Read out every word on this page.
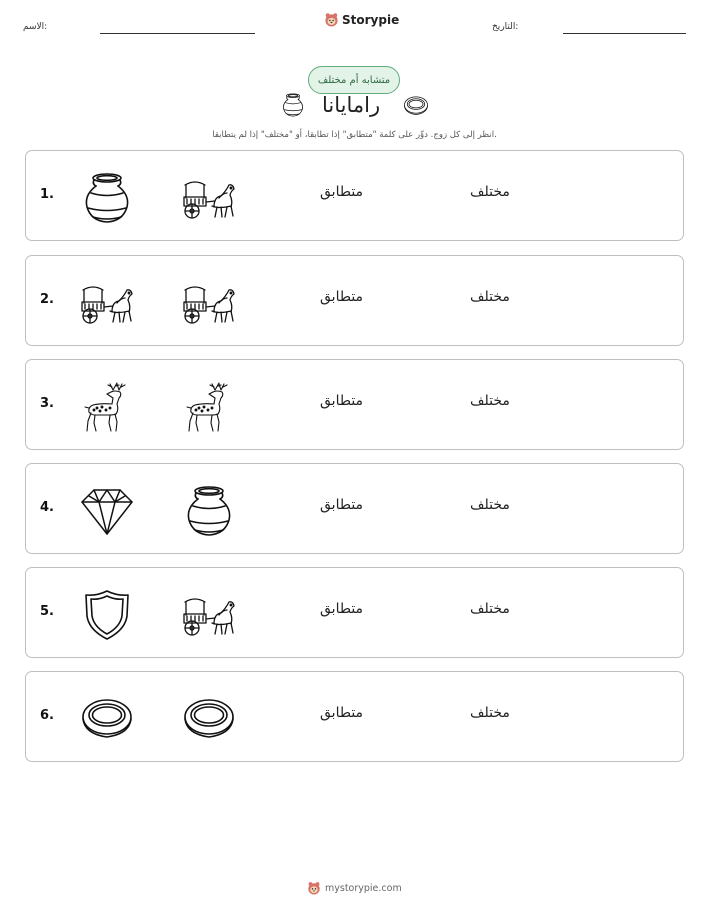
الاسم:
Storypie
التاريخ:
متشابه أم مختلف
رامايانا
انظر إلى كل زوج. دوِّر على كلمة "متطابق" إذا تطابقا، أو "مختلف" إذا لم يتطابقا.
1.	متطابق	مختلف
2.	متطابق	مختلف
3.	متطابق	مختلف
4.	متطابق	مختلف
5.	متطابق	مختلف
6.	متطابق	مختلف
mystorypie.com
